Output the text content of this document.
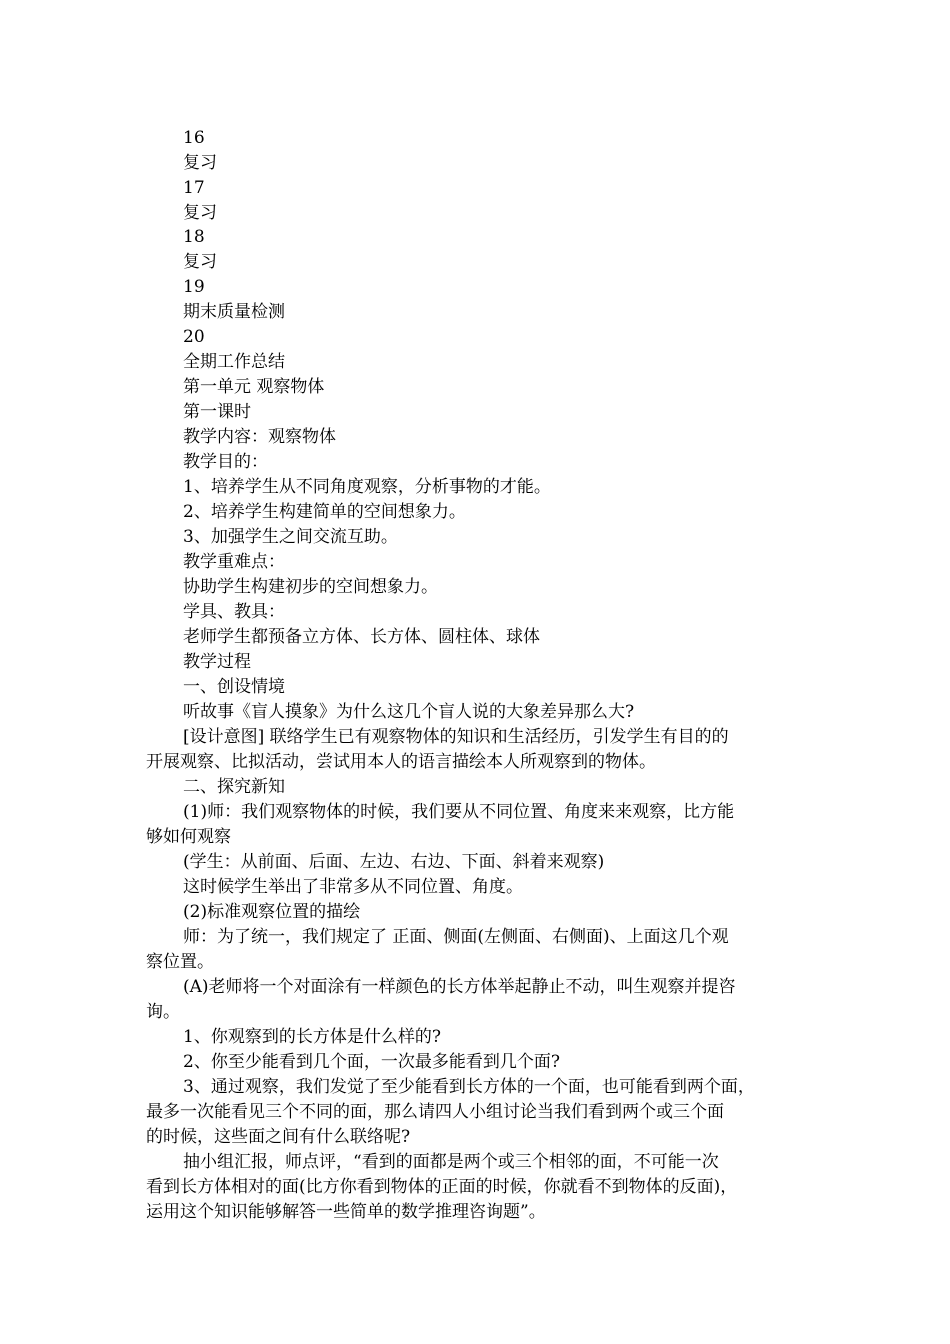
16
复习
17
复习
18
复习
19
期末质量检测
20
全期工作总结
第一单元 观察物体
第一课时
教学内容：观察物体
教学目的：
1、培养学生从不同角度观察，分析事物的才能。
2、培养学生构建简单的空间想象力。
3、加强学生之间交流互助。
教学重难点：
协助学生构建初步的空间想象力。
学具、教具：
老师学生都预备立方体、长方体、圆柱体、球体
教学过程
一、创设情境
听故事《盲人摸象》为什么这几个盲人说的大象差异那么大?
[设计意图] 联络学生已有观察物体的知识和生活经历，引发学生有目的的
开展观察、比拟活动，尝试用本人的语言描绘本人所观察到的物体。
二、探究新知
(1)师：我们观察物体的时候，我们要从不同位置、角度来来观察，比方能
够如何观察
(学生：从前面、后面、左边、右边、下面、斜着来观察)
这时候学生举出了非常多从不同位置、角度。
(2)标准观察位置的描绘
师：为了统一，我们规定了 正面、侧面(左侧面、右侧面)、上面这几个观
察位置。
(A)老师将一个对面涂有一样颜色的长方体举起静止不动，叫生观察并提咨
询。
1、你观察到的长方体是什么样的?
2、你至少能看到几个面，一次最多能看到几个面?
3、通过观察，我们发觉了至少能看到长方体的一个面，也可能看到两个面，
最多一次能看见三个不同的面，那么请四人小组讨论当我们看到两个或三个面
的时候，这些面之间有什么联络呢?
抽小组汇报，师点评，“看到的面都是两个或三个相邻的面，不可能一次
看到长方体相对的面(比方你看到物体的正面的时候，你就看不到物体的反面)，
运用这个知识能够解答一些简单的数学推理咨询题”。
